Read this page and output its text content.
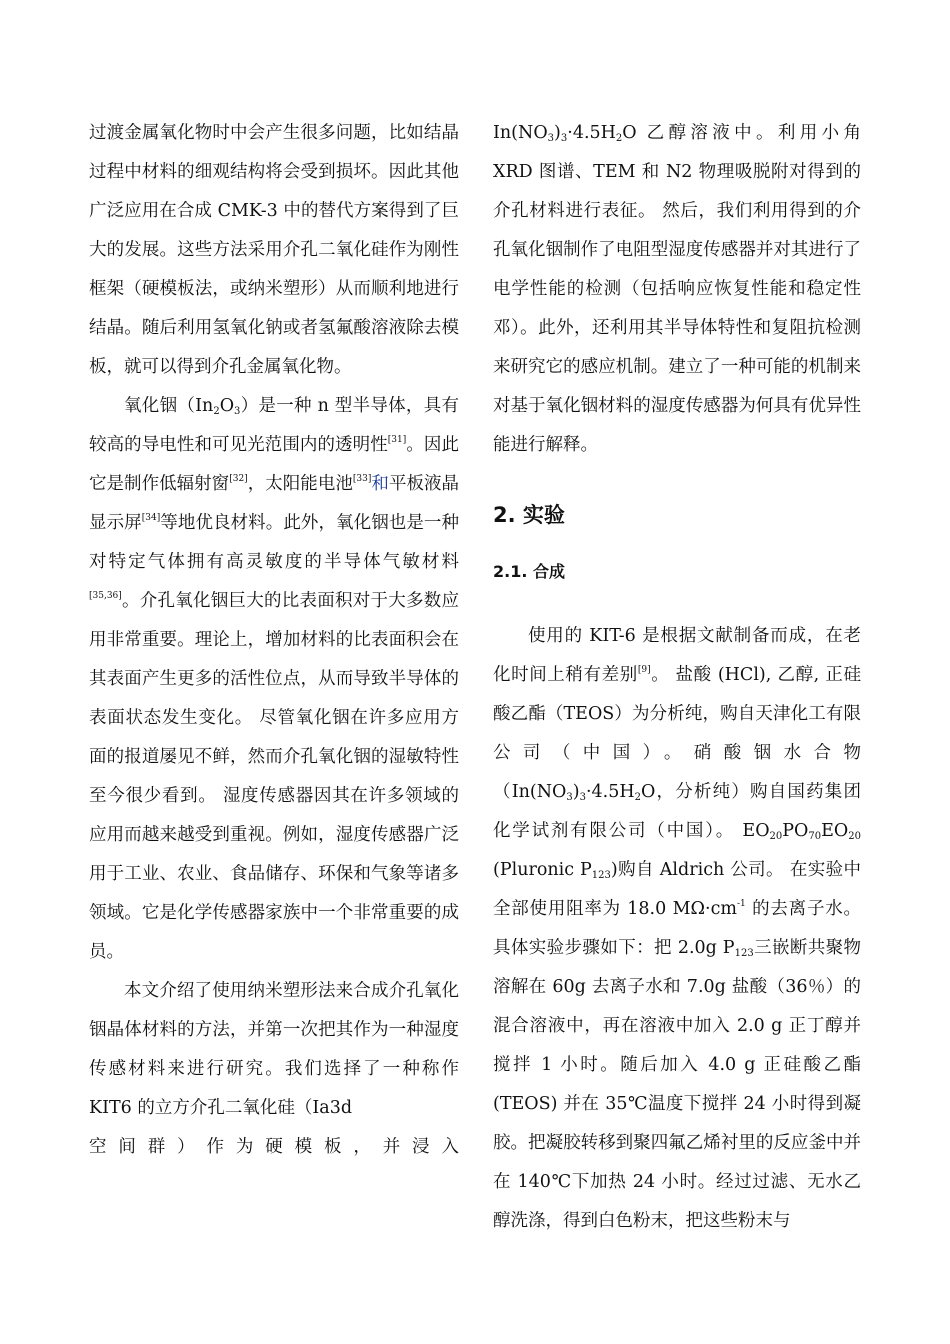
过渡金属氧化物时中会产生很多问题，比如结晶过程中材料的细观结构将会受到损坏。因此其他广泛应用在合成 CMK-3 中的替代方案得到了巨大的发展。这些方法采用介孔二氧化硅作为刚性框架（硬模板法，或纳米塑形）从而顺利地进行结晶。随后利用氢氧化钠或者氢氟酸溶液除去模板，就可以得到介孔金属氧化物。

氧化铟$(In_2O_3)$是一种 n 型半导体，具有较高的导电性和可见光范围内的透明性[31]。因此它是制作低辐射窗[32]，太阳能电池[33]和平板液晶显示屏[34]等地优良材料。此外，氧化铟也是一种对特定气体拥有高灵敏度的半导体气敏材料[35,36]。介孔氧化铟巨大的比表面积对于大多数应用非常重要。理论上，增加材料的比表面积会在其表面产生更多的活性位点，从而导致半导体的表面状态发生变化。 尽管氧化铟在许多应用方面的报道屡见不鲜，然而介孔氧化铟的湿敏特性至今很少看到。 湿度传感器因其在许多领域的应用而越来越受到重视。例如，湿度传感器广泛用于工业、农业、食品储存、环保和气象等诸多领域。它是化学传感器家族中一个非常重要的成员。

本文介绍了使用纳米塑形法来合成介孔氧化铟晶体材料的方法，并第一次把其作为一种湿度传感材料来进行研究。我们选择了一种称作 KIT6 的立方介孔二氧化硅（Ia3d

空 间 群 ） 作 为 硬 模 板 ， 并 浸 入

$In(NO_3)_3\cdot 4.5H_2O$ 乙醇溶液中。利用小角 XRD 图谱、TEM 和 N2 物理吸脱附对得到的介孔材料进行表征。 然后，我们利用得到的介孔氧化铟制作了电阻型湿度传感器并对其进行了电学性能的检测（包括响应恢复性能和稳定性邓）。此外，还利用其半导体特性和复阻抗检测来研究它的感应机制。建立了一种可能的机制来对基于氧化铟材料的湿度传感器为何具有优异性能进行解释。

2. 实验
2.1. 合成

使用的 KIT-6 是根据文献制备而成，在老化时间上稍有差别[9]。 盐酸 (HCl), 乙醇, 正硅酸乙酯（TEOS）为分析纯，购自天津化工有限公司（中国）。硝酸铟水合物（$In(NO_3)_3\cdot 4.5H_2O$，分析纯）购自国药集团化学试剂有限公司（中国）。 $EO_{20}PO_{70}EO_{20}$ (Pluronic $P_{123}$)购自 Aldrich 公司。 在实验中全部使用阻率为 18.0 $M\Omega\cdot cm^{-1}$ 的去离子水。具体实验步骤如下：把 2.0g $P_{123}$三嵌断共聚物溶解在 60g 去离子水和 7.0g 盐酸（36％）的混合溶液中，再在溶液中加入 2.0 g 正丁醇并搅拌 1 小时。随后加入 4.0 g 正硅酸乙酯 (TEOS) 并在 35℃温度下搅拌 24 小时得到凝胶。把凝胶转移到聚四氟乙烯衬里的反应釜中并在 140℃下加热 24 小时。经过过滤、无水乙醇洗涤，得到白色粉末，把这些粉末与
